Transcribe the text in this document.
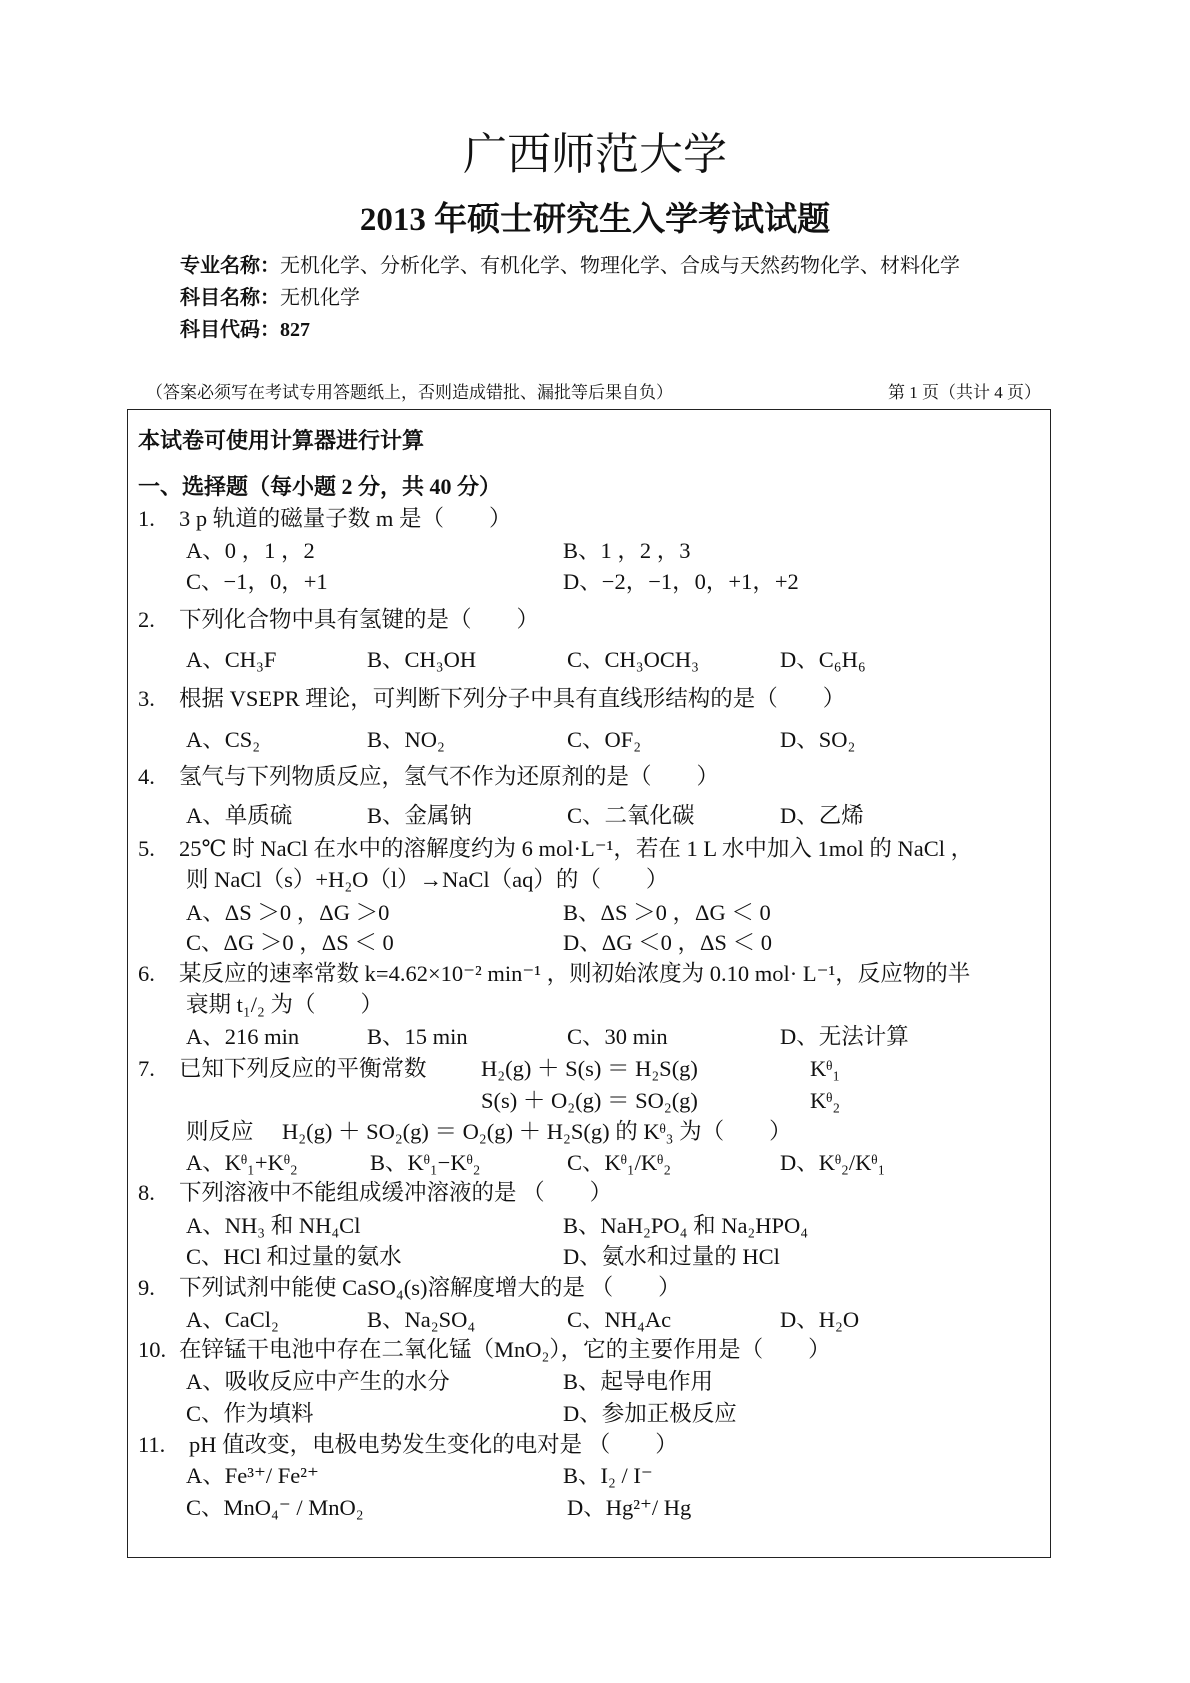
广西师范大学
2013 年硕士研究生入学考试试题
专业名称：无机化学、分析化学、有机化学、物理化学、合成与天然药物化学、材料化学
科目名称：无机化学
科目代码：827
（答案必须写在考试专用答题纸上，否则造成错批、漏批等后果自负）	第 1 页（共计 4 页）
本试卷可使用计算器进行计算
一、选择题（每小题 2 分，共 40 分）
1. 3 p 轨道的磁量子数 m 是（　　）
A、0 ，1 ，2	B、1 ，2 ，3
C、−1，0，+1	D、−2，−1，0，+1，+2
2. 下列化合物中具有氢键的是（　　）
A、CH₃F	B、CH₃OH	C、CH₃OCH₃	D、C₆H₆
3. 根据 VSEPR 理论，可判断下列分子中具有直线形结构的是（　　）
A、CS₂	B、NO₂	C、OF₂	D、SO₂
4. 氢气与下列物质反应，氢气不作为还原剂的是（　　）
A、单质硫	B、金属钠	C、二氧化碳	D、乙烯
5. 25℃ 时 NaCl 在水中的溶解度约为 6 mol·L⁻¹，若在 1 L 水中加入 1mol 的 NaCl ，
则 NaCl（s）+H₂O（l）→NaCl（aq）的（　　）
A、ΔS ＞0 ，ΔG ＞0	B、ΔS ＞0 ，ΔG ＜ 0
C、ΔG ＞0 ，ΔS ＜ 0	D、ΔG ＜0 ，ΔS ＜ 0
6. 某反应的速率常数 k=4.62×10⁻² min⁻¹ ，则初始浓度为 0.10 mol· L⁻¹，反应物的半
衰期 t₁/₂ 为（　　）
A、216 min	B、15 min	C、30 min	D、无法计算
7. 已知下列反应的平衡常数 H₂(g) ＋ S(s) ＝ H₂S(g)	Kᶿ₁
S(s) ＋ O₂(g) ＝ SO₂(g)	Kᶿ₂
则反应 H₂(g) ＋ SO₂(g) ＝ O₂(g) ＋ H₂S(g) 的 Kᶿ₃ 为（　　）
A、Kᶿ₁+Kᶿ₂	B、Kᶿ₁−Kᶿ₂	C、Kᶿ₁/Kᶿ₂	D、Kᶿ₂/Kᶿ₁
8. 下列溶液中不能组成缓冲溶液的是 （　　）
A、NH₃ 和 NH₄Cl	B、NaH₂PO₄ 和 Na₂HPO₄
C、HCl 和过量的氨水	D、氨水和过量的 HCl
9. 下列试剂中能使 CaSO₄(s)溶解度增大的是 （　　）
A、CaCl₂	B、Na₂SO₄	C、NH₄Ac	D、H₂O
10. 在锌锰干电池中存在二氧化锰（MnO₂），它的主要作用是（　　）
A、吸收反应中产生的水分	B、起导电作用
C、作为填料	D、参加正极反应
11. pH 值改变，电极电势发生变化的电对是 （　　）
A、Fe³⁺/ Fe²⁺	B、I₂ / I⁻
C、MnO₄⁻ / MnO₂	D、Hg²⁺/ Hg
